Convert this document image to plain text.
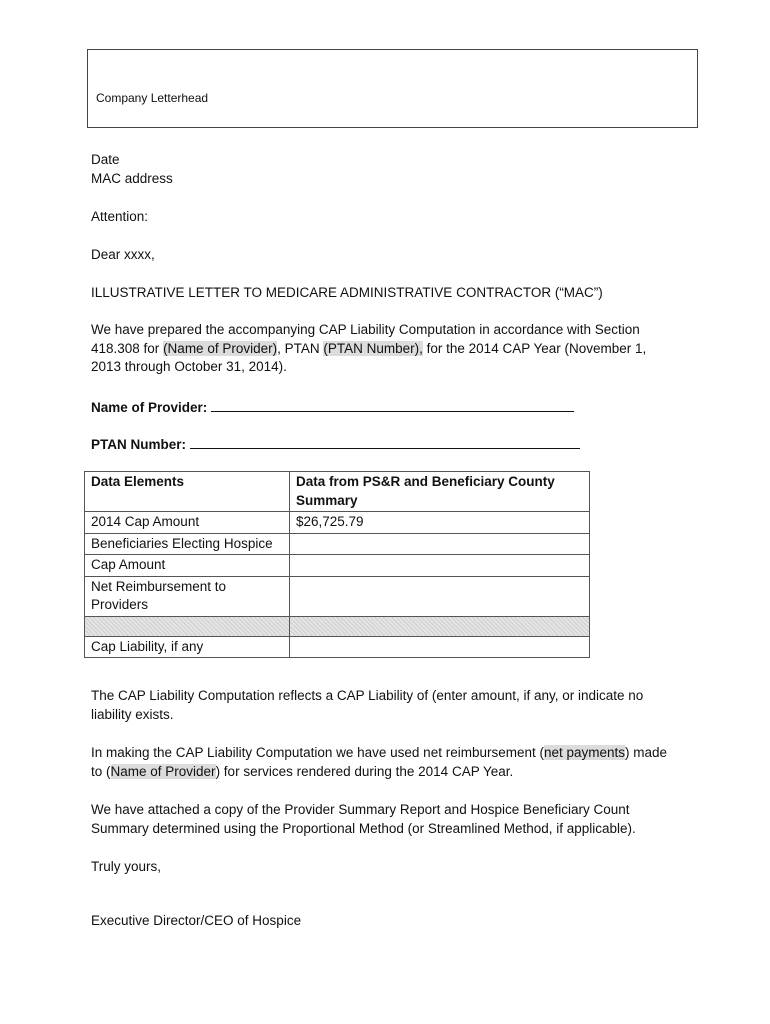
Company Letterhead
Date
MAC address
Attention:
Dear xxxx,
ILLUSTRATIVE LETTER TO MEDICARE ADMINISTRATIVE CONTRACTOR (“MAC”)
We have prepared the accompanying CAP Liability Computation in accordance with Section 418.308 for (Name of Provider), PTAN (PTAN Number), for the 2014 CAP Year (November 1, 2013 through October 31, 2014).
Name of Provider:
PTAN Number:
Data Elements	Data from PS&R and Beneficiary County Summary
2014 Cap Amount	$26,725.79
Beneficiaries Electing Hospice	
Cap Amount	
Net Reimbursement to Providers	

Cap Liability, if any	
The CAP Liability Computation reflects a CAP Liability of (enter amount, if any, or indicate no liability exists.
In making the CAP Liability Computation we have used net reimbursement (net payments) made to (Name of Provider) for services rendered during the 2014 CAP Year.
We have attached a copy of the Provider Summary Report and Hospice Beneficiary Count Summary determined using the Proportional Method (or Streamlined Method, if applicable).
Truly yours,
Executive Director/CEO of Hospice
